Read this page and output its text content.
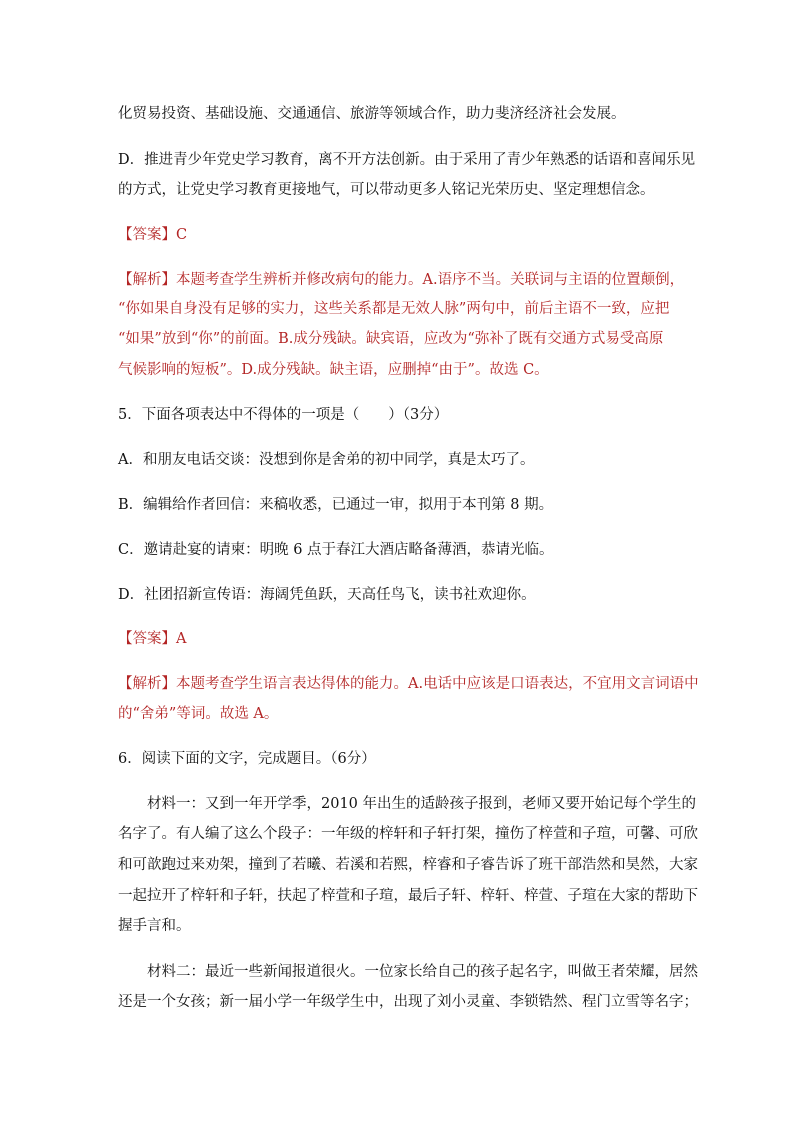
化贸易投资、基础设施、交通通信、旅游等领域合作，助力斐济经济社会发展。
D．推进青少年党史学习教育，离不开方法创新。由于采用了青少年熟悉的话语和喜闻乐见
的方式，让党史学习教育更接地气，可以带动更多人铭记光荣历史、坚定理想信念。
【答案】C
【解析】本题考查学生辨析并修改病句的能力。A.语序不当。关联词与主语的位置颠倒，
“你如果自身没有足够的实力，这些关系都是无效人脉”两句中，前后主语不一致，应把
“如果”放到“你”的前面。B.成分残缺。缺宾语，应改为“弥补了既有交通方式易受高原
气候影响的短板”。D.成分残缺。缺主语，应删掉“由于”。故选 C。
5．下面各项表达中不得体的一项是（　　）（3分）
A．和朋友电话交谈：没想到你是舍弟的初中同学，真是太巧了。
B．编辑给作者回信：来稿收悉，已通过一审，拟用于本刊第 8 期。
C．邀请赴宴的请柬：明晚 6 点于春江大酒店略备薄酒，恭请光临。
D．社团招新宣传语：海阔凭鱼跃，天高任鸟飞，读书社欢迎你。
【答案】A
【解析】本题考查学生语言表达得体的能力。A.电话中应该是口语表达，不宜用文言词语中
的“舍弟”等词。故选 A。
6．阅读下面的文字，完成题目。（6分）
　　材料一：又到一年开学季，2010 年出生的适龄孩子报到，老师又要开始记每个学生的
名字了。有人编了这么个段子：一年级的梓轩和子轩打架，撞伤了梓萱和子瑄，可馨、可欣
和可歆跑过来劝架，撞到了若曦、若溪和若熙，梓睿和子睿告诉了班干部浩然和昊然，大家
一起拉开了梓轩和子轩，扶起了梓萱和子瑄，最后子轩、梓轩、梓萱、子瑄在大家的帮助下
握手言和。
　　材料二：最近一些新闻报道很火。一位家长给自己的孩子起名字，叫做王者荣耀，居然
还是一个女孩；新一届小学一年级学生中，出现了刘小灵童、李锁锆然、程门立雪等名字；
